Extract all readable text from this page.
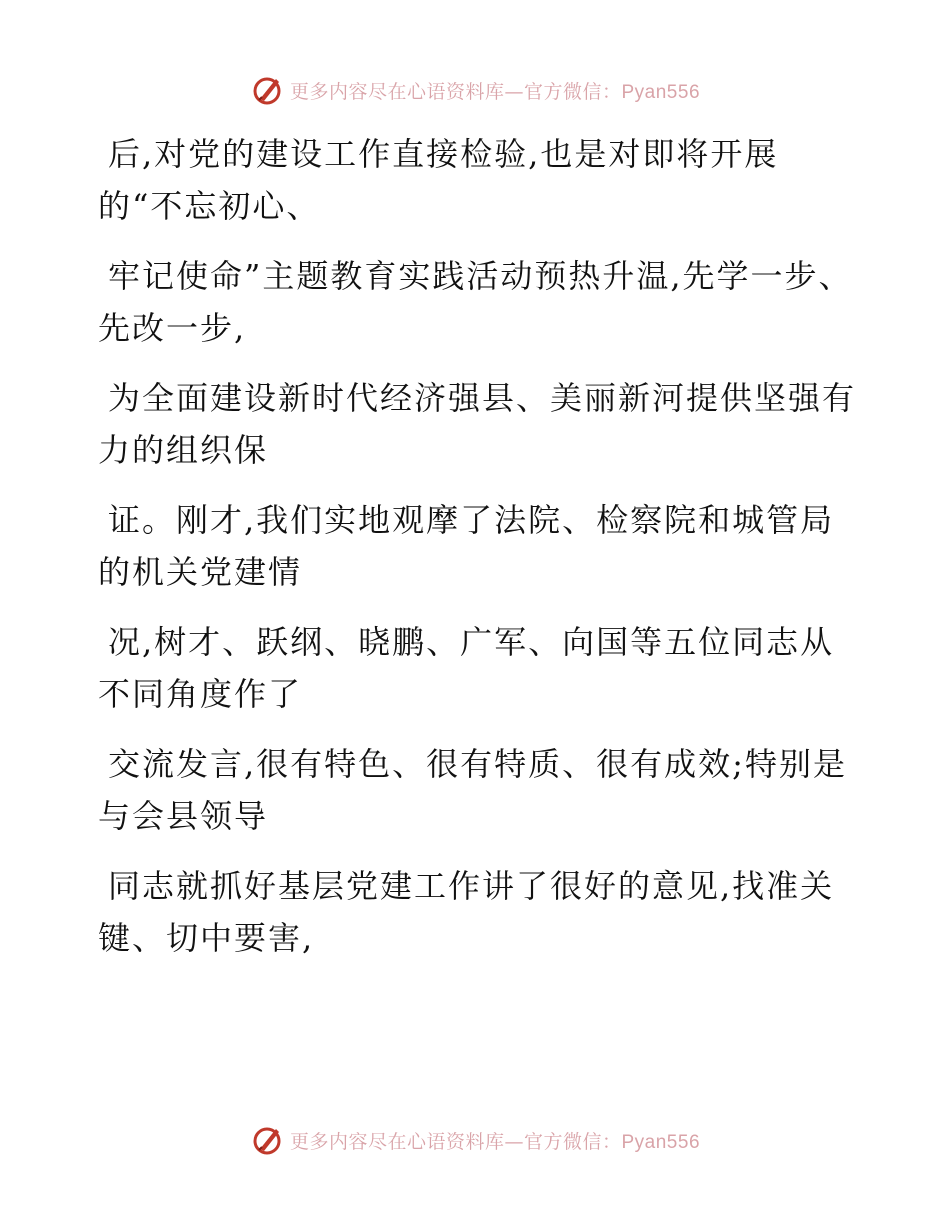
更多内容尽在心语资料库—官方微信：Pyan556

后,对党的建设工作直接检验,也是对即将开展的“不忘初心、

牢记使命”主题教育实践活动预热升温,先学一步、先改一步,

为全面建设新时代经济强县、美丽新河提供坚强有力的组织保

证。刚才,我们实地观摩了法院、检察院和城管局的机关党建情

况,树才、跃纲、晓鹏、广军、向国等五位同志从不同角度作了

交流发言,很有特色、很有特质、很有成效;特别是与会县领导

同志就抓好基层党建工作讲了很好的意见,找准关键、切中要害,

更多内容尽在心语资料库—官方微信：Pyan556
